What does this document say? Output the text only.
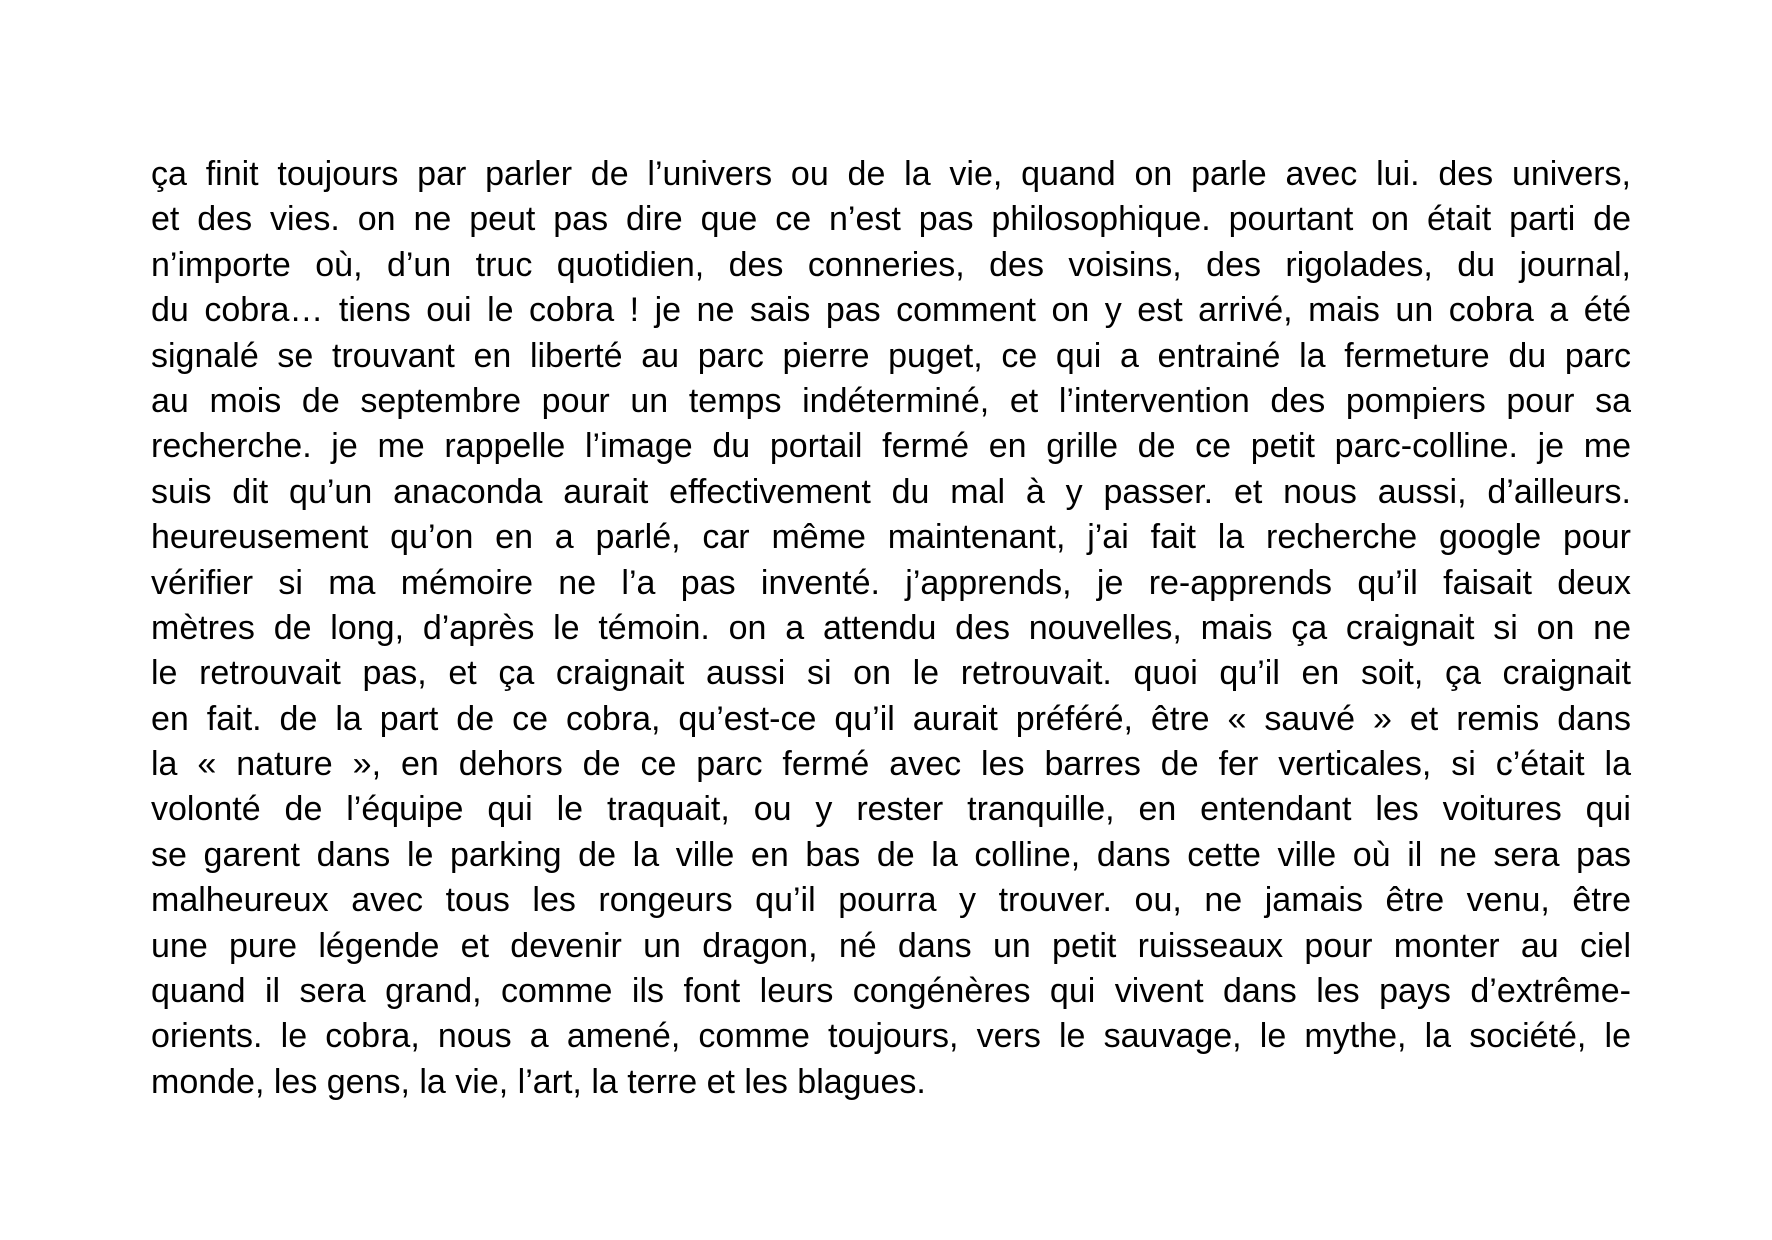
ça finit toujours par parler de l’univers ou de la vie, quand on parle avec lui. des univers,
et des vies. on ne peut pas dire que ce n’est pas philosophique. pourtant on était parti de
n’importe où, d’un truc quotidien, des conneries, des voisins, des rigolades, du journal,
du cobra… tiens oui le cobra ! je ne sais pas comment on y est arrivé, mais un cobra a été
signalé se trouvant en liberté au parc pierre puget, ce qui a entrainé la fermeture du parc
au mois de septembre pour un temps indéterminé, et l’intervention des pompiers pour sa
recherche. je me rappelle l’image du portail fermé en grille de ce petit parc-colline. je me
suis dit qu’un anaconda aurait effectivement du mal à y passer. et nous aussi, d’ailleurs.
heureusement qu’on en a parlé, car même maintenant, j’ai fait la recherche google pour
vérifier si ma mémoire ne l’a pas inventé. j’apprends, je re-apprends qu’il faisait deux
mètres de long, d’après le témoin. on a attendu des nouvelles, mais ça craignait si on ne
le retrouvait pas, et ça craignait aussi si on le retrouvait. quoi qu’il en soit, ça craignait
en fait. de la part de ce cobra, qu’est-ce qu’il aurait préféré, être « sauvé » et remis dans
la « nature », en dehors de ce parc fermé avec les barres de fer verticales, si c’était la
volonté de l’équipe qui le traquait, ou y rester tranquille, en entendant les voitures qui
se garent dans le parking de la ville en bas de la colline, dans cette ville où il ne sera pas
malheureux avec tous les rongeurs qu’il pourra y trouver. ou, ne jamais être venu, être
une pure légende et devenir un dragon, né dans un petit ruisseaux pour monter au ciel
quand il sera grand, comme ils font leurs congénères qui vivent dans les pays d’extrême-
orients. le cobra, nous a amené, comme toujours, vers le sauvage, le mythe, la société, le
monde, les gens, la vie, l’art, la terre et les blagues.
